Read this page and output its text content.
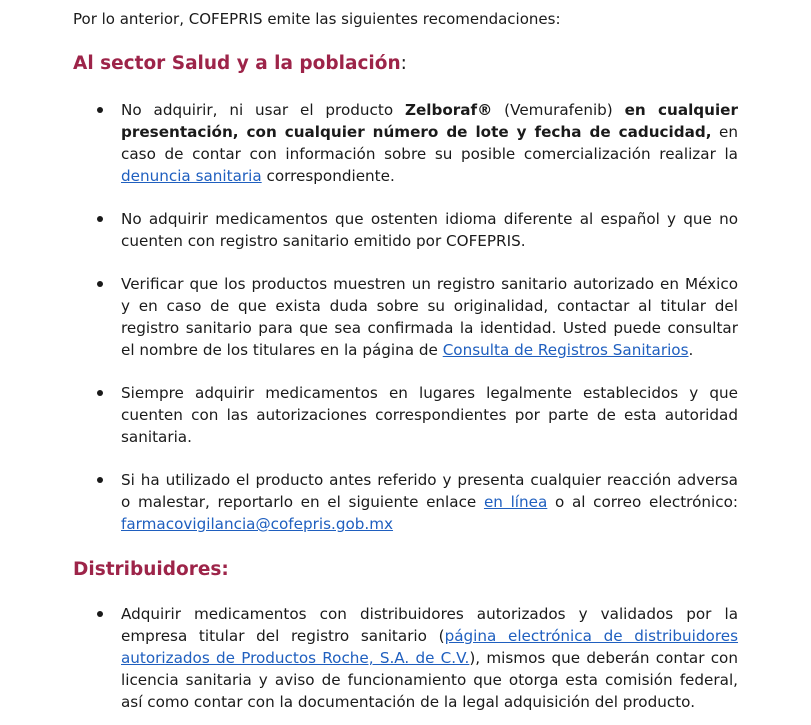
Por lo anterior, COFEPRIS emite las siguientes recomendaciones:
Al sector Salud y a la población:

No adquirir, ni usar el producto Zelboraf® (Vemurafenib) en cualquier presentación, con cualquier número de lote y fecha de caducidad, en caso de contar con información sobre su posible comercialización realizar la denuncia sanitaria correspondiente.

No adquirir medicamentos que ostenten idioma diferente al español y que no cuenten con registro sanitario emitido por COFEPRIS.

Verificar que los productos muestren un registro sanitario autorizado en México y en caso de que exista duda sobre su originalidad, contactar al titular del registro sanitario para que sea confirmada la identidad. Usted puede consultar el nombre de los titulares en la página de Consulta de Registros Sanitarios.

Siempre adquirir medicamentos en lugares legalmente establecidos y que cuenten con las autorizaciones correspondientes por parte de esta autoridad sanitaria.

Si ha utilizado el producto antes referido y presenta cualquier reacción adversa o malestar, reportarlo en el siguiente enlace en línea o al correo electrónico: farmacovigilancia@cofepris.gob.mx

Distribuidores:

Adquirir medicamentos con distribuidores autorizados y validados por la empresa titular del registro sanitario (página electrónica de distribuidores autorizados de Productos Roche, S.A. de C.V.), mismos que deberán contar con licencia sanitaria y aviso de funcionamiento que otorga esta comisión federal, así como contar con la documentación de la legal adquisición del producto.
